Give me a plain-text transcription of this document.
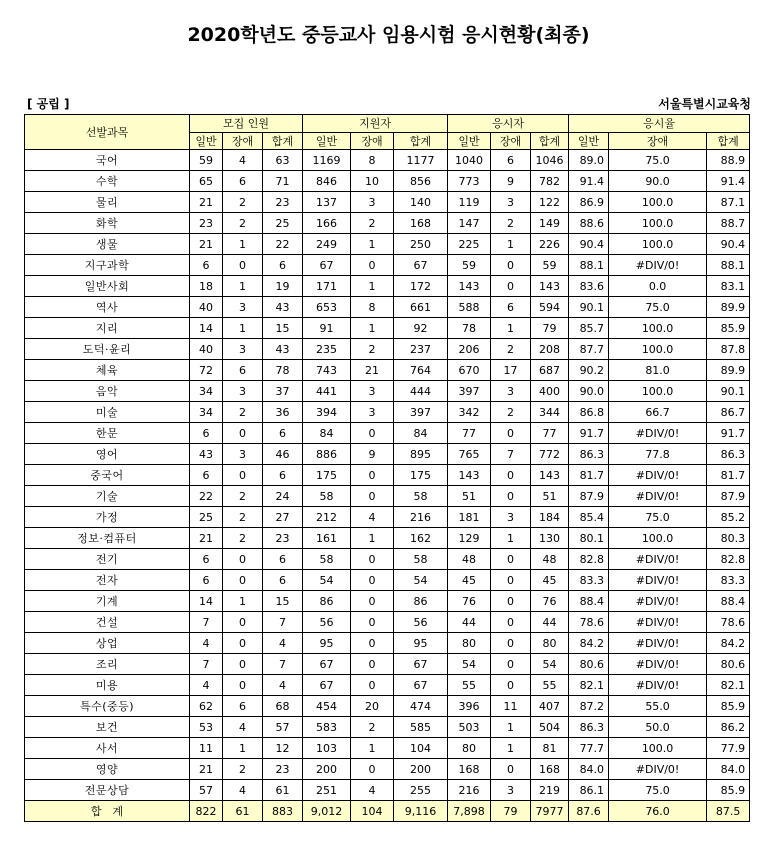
2020학년도 중등교사 임용시험 응시현황(최종)
[ 공립 ]	서울특별시교육청
선발과목	모집 인원			지원자			응시자			응시율		
	일반	장애	합계	일반	장애	합계	일반	장애	합계	일반	장애	합계
국어	59	4	63	1169	8	1177	1040	6	1046	89.0	75.0	88.9
수학	65	6	71	846	10	856	773	9	782	91.4	90.0	91.4
물리	21	2	23	137	3	140	119	3	122	86.9	100.0	87.1
화학	23	2	25	166	2	168	147	2	149	88.6	100.0	88.7
생물	21	1	22	249	1	250	225	1	226	90.4	100.0	90.4
지구과학	6	0	6	67	0	67	59	0	59	88.1	#DIV/0!	88.1
일반사회	18	1	19	171	1	172	143	0	143	83.6	0.0	83.1
역사	40	3	43	653	8	661	588	6	594	90.1	75.0	89.9
지리	14	1	15	91	1	92	78	1	79	85.7	100.0	85.9
도덕·윤리	40	3	43	235	2	237	206	2	208	87.7	100.0	87.8
체육	72	6	78	743	21	764	670	17	687	90.2	81.0	89.9
음악	34	3	37	441	3	444	397	3	400	90.0	100.0	90.1
미술	34	2	36	394	3	397	342	2	344	86.8	66.7	86.7
한문	6	0	6	84	0	84	77	0	77	91.7	#DIV/0!	91.7
영어	43	3	46	886	9	895	765	7	772	86.3	77.8	86.3
중국어	6	0	6	175	0	175	143	0	143	81.7	#DIV/0!	81.7
기술	22	2	24	58	0	58	51	0	51	87.9	#DIV/0!	87.9
가정	25	2	27	212	4	216	181	3	184	85.4	75.0	85.2
정보·컴퓨터	21	2	23	161	1	162	129	1	130	80.1	100.0	80.3
전기	6	0	6	58	0	58	48	0	48	82.8	#DIV/0!	82.8
전자	6	0	6	54	0	54	45	0	45	83.3	#DIV/0!	83.3
기계	14	1	15	86	0	86	76	0	76	88.4	#DIV/0!	88.4
건설	7	0	7	56	0	56	44	0	44	78.6	#DIV/0!	78.6
상업	4	0	4	95	0	95	80	0	80	84.2	#DIV/0!	84.2
조리	7	0	7	67	0	67	54	0	54	80.6	#DIV/0!	80.6
미용	4	0	4	67	0	67	55	0	55	82.1	#DIV/0!	82.1
특수(중등)	62	6	68	454	20	474	396	11	407	87.2	55.0	85.9
보건	53	4	57	583	2	585	503	1	504	86.3	50.0	86.2
사서	11	1	12	103	1	104	80	1	81	77.7	100.0	77.9
영양	21	2	23	200	0	200	168	0	168	84.0	#DIV/0!	84.0
전문상담	57	4	61	251	4	255	216	3	219	86.1	75.0	85.9
합　계	822	61	883	9,012	104	9,116	7,898	79	7977	87.6	76.0	87.5
